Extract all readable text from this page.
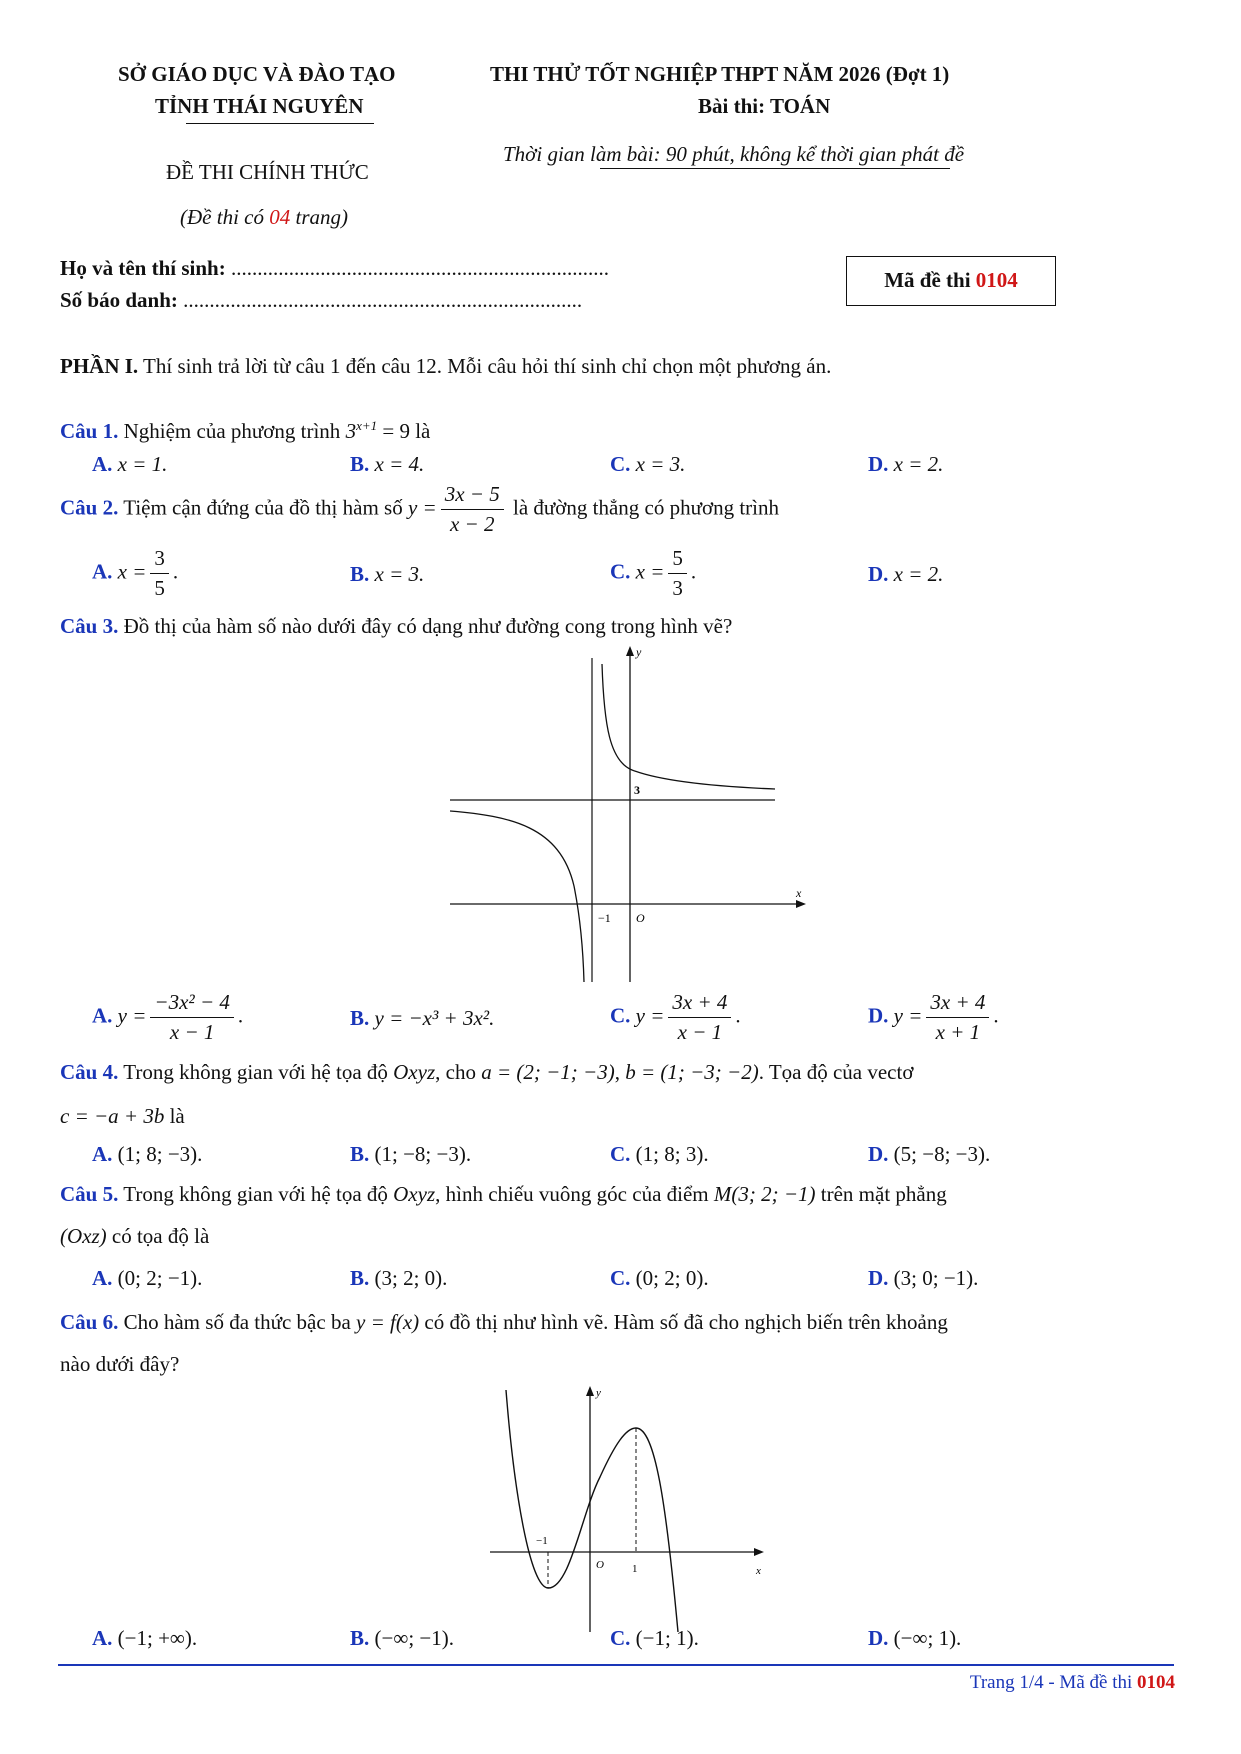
SỞ GIÁO DỤC VÀ ĐÀO TẠO
TỈNH THÁI NGUYÊN
ĐỀ THI CHÍNH THỨC
(Đề thi có 04 trang)
THI THỬ TỐT NGHIỆP THPT NĂM 2026 (Đợt 1)
Bài thi: TOÁN
Thời gian làm bài: 90 phút, không kể thời gian phát đề
Họ và tên thí sinh: ........................................................................
Số báo danh: ............................................................................
Mã đề thi 0104
PHẦN I. Thí sinh trả lời từ câu 1 đến câu 12. Mỗi câu hỏi thí sinh chỉ chọn một phương án.
Câu 1. Nghiệm của phương trình $3^{x+1} = 9$ là
A. x = 1.	B. x = 4.	C. x = 3.	D. x = 2.
Câu 2. Tiệm cận đứng của đồ thị hàm số $y = \frac{3x - 5}{x - 2}$ là đường thẳng có phương trình
A. $x = \frac{3}{5}$ .	B. x = 3.	C. $x = \frac{5}{3}$ .	D. x = 2.
Câu 3. Đồ thị của hàm số nào dưới đây có dạng như đường cong trong hình vẽ?
y
x
3
−1 O
A. $y = \frac{\text{−3x² − 4}}{x - 1}$ .	B. y = −x³ + 3x².	C. $y = \frac{3x + 4}{x - 1}$ .	D. $y = \frac{3x + 4}{x + 1}$ .
Câu 4. Trong không gian với hệ tọa độ Oxyz, cho a = (2; −1; −3), b = (1; −3; −2). Tọa độ của vectơ
c = −a + 3b là
A. (1; 8; −3).	B. (1; −8; −3).	C. (1; 8; 3).	D. (5; −8; −3).
Câu 5. Trong không gian với hệ tọa độ Oxyz, hình chiếu vuông góc của điểm M(3; 2; −1) trên mặt phẳng
(Oxz) có tọa độ là
A. (0; 2; −1).	B. (3; 2; 0).	C. (0; 2; 0).	D. (3; 0; −1).
Câu 6. Cho hàm số đa thức bậc ba y = f(x) có đồ thị như hình vẽ. Hàm số đã cho nghịch biến trên khoảng
nào dưới đây?
y
x
−1
1
O
A. (−1; +∞).	B. (−∞; −1).	C. (−1; 1).	D. (−∞; 1).
Trang 1/4 - Mã đề thi 0104
